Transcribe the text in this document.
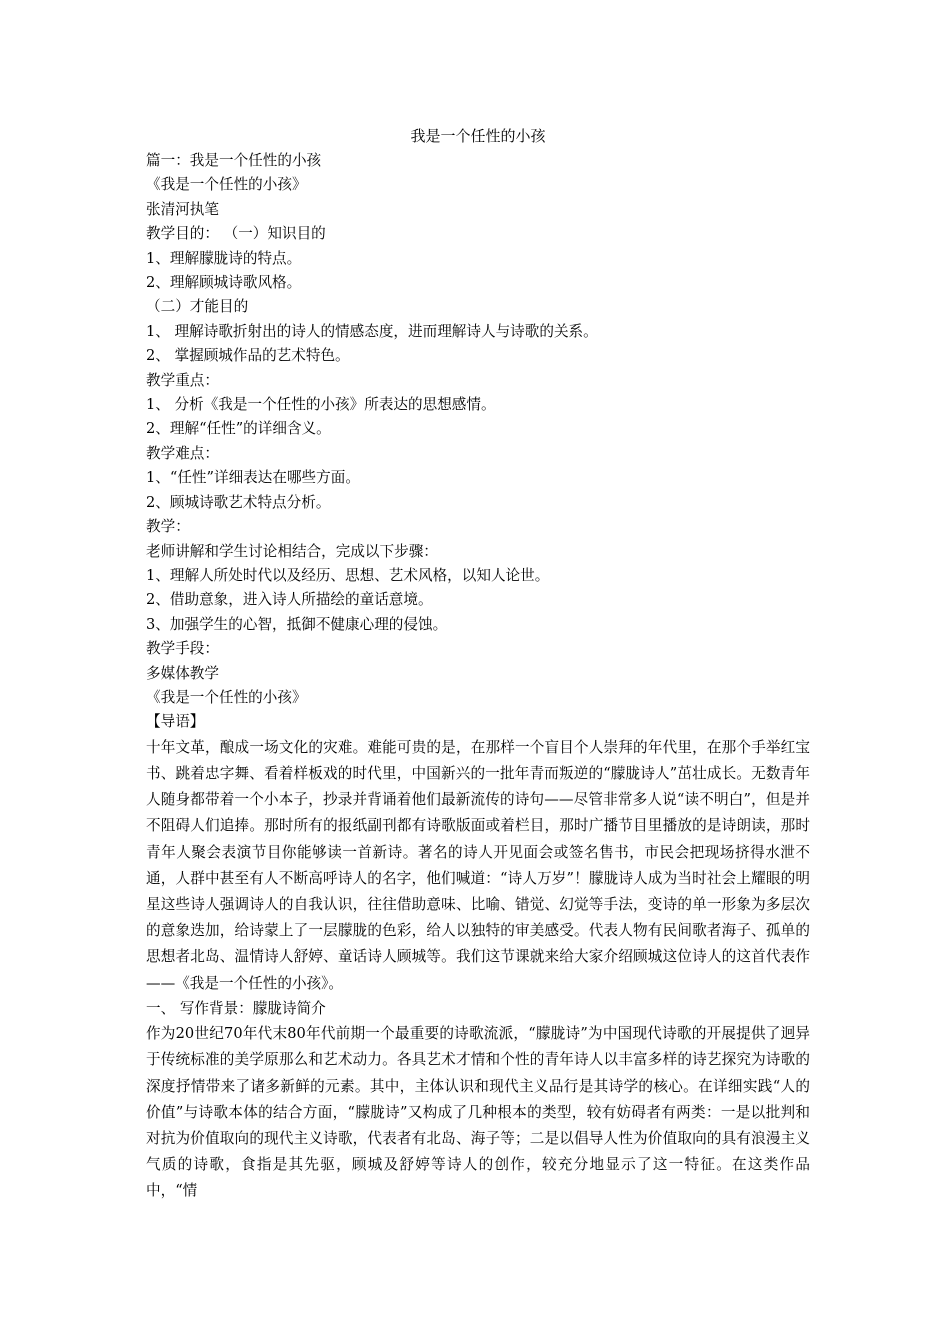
我是一个任性的小孩

篇一：我是一个任性的小孩

《我是一个任性的小孩》

张清河执笔

教学目的： （一）知识目的

1、理解朦胧诗的特点。

2、理解顾城诗歌风格。

（二）才能目的

1、 理解诗歌折射出的诗人的情感态度，进而理解诗人与诗歌的关系。

2、 掌握顾城作品的艺术特色。

教学重点：

1、 分析《我是一个任性的小孩》所表达的思想感情。

2、理解“任性”的详细含义。

教学难点：

1、“任性”详细表达在哪些方面。

2、顾城诗歌艺术特点分析。

教学：

老师讲解和学生讨论相结合，完成以下步骤：

1、理解人所处时代以及经历、思想、艺术风格，以知人论世。

2、借助意象，进入诗人所描绘的童话意境。

3、加强学生的心智，抵御不健康心理的侵蚀。

教学手段：

多媒体教学

《我是一个任性的小孩》

【导语】

十年文革，酿成一场文化的灾难。难能可贵的是，在那样一个盲目个人崇拜的年代里，在那个手举红宝书、跳着忠字舞、看着样板戏的时代里，中国新兴的一批年青而叛逆的“朦胧诗人”茁壮成长。无数青年人随身都带着一个小本子，抄录并背诵着他们最新流传的诗句——尽管非常多人说“读不明白”，但是并不阻碍人们追捧。那时所有的报纸副刊都有诗歌版面或着栏目，那时广播节目里播放的是诗朗读，那时青年人聚会表演节目你能够读一首新诗。著名的诗人开见面会或签名售书，市民会把现场挤得水泄不通，人群中甚至有人不断高呼诗人的名字，他们喊道：“诗人万岁”！朦胧诗人成为当时社会上耀眼的明星这些诗人强调诗人的自我认识，往往借助意味、比喻、错觉、幻觉等手法，变诗的单一形象为多层次的意象迭加，给诗蒙上了一层朦胧的色彩，给人以独特的审美感受。代表人物有民间歌者海子、孤单的思想者北岛、温情诗人舒婷、童话诗人顾城等。我们这节课就来给大家介绍顾城这位诗人的这首代表作——《我是一个任性的小孩》。

一、 写作背景：朦胧诗简介

作为20世纪70年代末80年代前期一个最重要的诗歌流派，“朦胧诗”为中国现代诗歌的开展提供了迥异于传统标准的美学原那么和艺术动力。各具艺术才情和个性的青年诗人以丰富多样的诗艺探究为诗歌的深度抒情带来了诸多新鲜的元素。其中，主体认识和现代主义品行是其诗学的核心。在详细实践“人的价值”与诗歌本体的结合方面，“朦胧诗”又构成了几种根本的类型，较有妨碍者有两类：一是以批判和对抗为价值取向的现代主义诗歌，代表者有北岛、海子等；二是以倡导人性为价值取向的具有浪漫主义气质的诗歌，食指是其先驱，顾城及舒婷等诗人的创作，较充分地显示了这一特征。在这类作品中，“情
